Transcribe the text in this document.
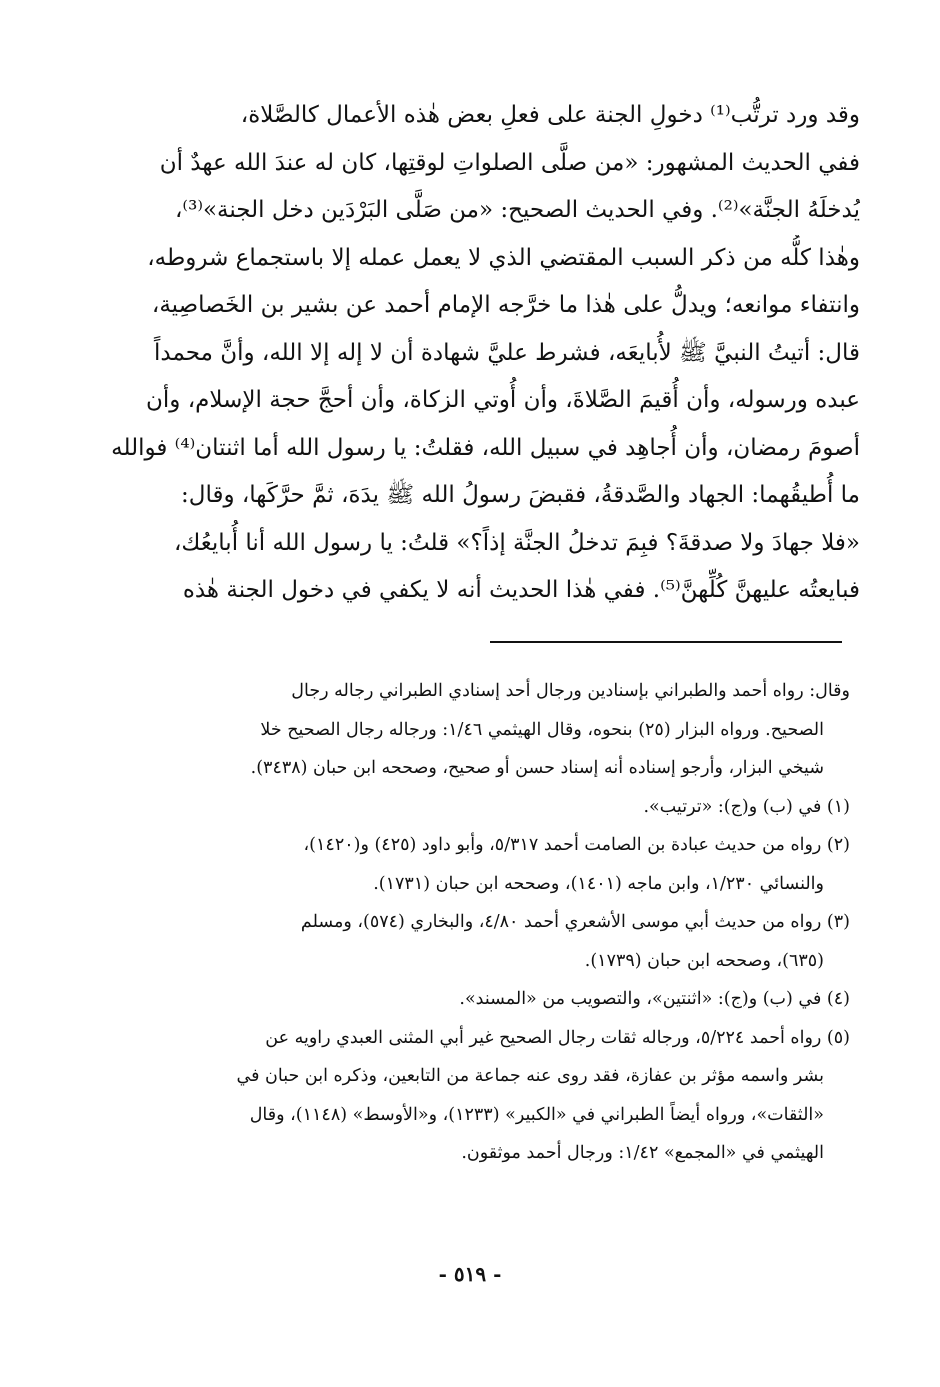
وقد ورد ترتُّب⁽¹⁾ دخولِ الجنة على فعلِ بعض هٰذه الأعمال كالصَّلاة،
ففي الحديث المشهور: «من صلَّى الصلواتِ لوقتِها، كان له عندَ الله عهدٌ أن
يُدخلَهُ الجنَّة»⁽²⁾. وفي الحديث الصحيح: «من صَلَّى البَرْدَين دخل الجنة»⁽³⁾،
وهٰذا كلُّه من ذكر السبب المقتضي الذي لا يعمل عمله إلا باستجماع شروطه،
وانتفاء موانعه؛ ويدلُّ على هٰذا ما خرَّجه الإمام أحمد عن بشير بن الخَصاصِية،
قال: أتيتُ النبيَّ ﷺ لأُبايعَه، فشرط عليَّ شهادة أن لا إله إلا الله، وأنَّ محمداً
عبده ورسوله، وأن أُقيمَ الصَّلاةَ، وأن أُوتي الزكاة، وأن أحجَّ حجة الإسلام، وأن
أصومَ رمضان، وأن أُجاهِد في سبيل الله، فقلتُ: يا رسول الله أما اثنتان⁽⁴⁾ فوالله
ما أُطيقُهما: الجهاد والصَّدقةُ، فقبضَ رسولُ الله ﷺ يدَهَ، ثمَّ حرَّكَها، وقال:
«فلا جهادَ ولا صدقةَ؟ فبِمَ تدخلُ الجنَّة إذاً؟» قلتُ: يا رسول الله أنا أُبايعُك،
فبايعتُه عليهنَّ كُلِّهنَّ⁽⁵⁾. ففي هٰذا الحديث أنه لا يكفي في دخول الجنة هٰذه
وقال: رواه أحمد والطبراني بإسنادين ورجال أحد إسنادي الطبراني رجاله رجال
الصحيح. ورواه البزار (٢٥) بنحوه، وقال الهيثمي ١/٤٦: ورجاله رجال الصحيح خلا
شيخي البزار، وأرجو إسناده أنه إسناد حسن أو صحيح، وصححه ابن حبان (٣٤٣٨).
(١) في (ب) و(ج): «ترتيب».
(٢) رواه من حديث عبادة بن الصامت أحمد ٥/٣١٧، وأبو داود (٤٢٥) و(١٤٢٠)،
والنسائي ١/٢٣٠، وابن ماجه (١٤٠١)، وصححه ابن حبان (١٧٣١).
(٣) رواه من حديث أبي موسى الأشعري أحمد ٤/٨٠، والبخاري (٥٧٤)، ومسلم
(٦٣٥)، وصححه ابن حبان (١٧٣٩).
(٤) في (ب) و(ج): «اثنتين»، والتصويب من «المسند».
(٥) رواه أحمد ٥/٢٢٤، ورجاله ثقات رجال الصحيح غير أبي المثنى العبدي راويه عن
بشر واسمه مؤثر بن عفازة، فقد روى عنه جماعة من التابعين، وذكره ابن حبان في
«الثقات»، ورواه أيضاً الطبراني في «الكبير» (١٢٣٣)، و«الأوسط» (١١٤٨)، وقال
الهيثمي في «المجمع» ١/٤٢: ورجال أحمد موثقون.
- ٥١٩ -
